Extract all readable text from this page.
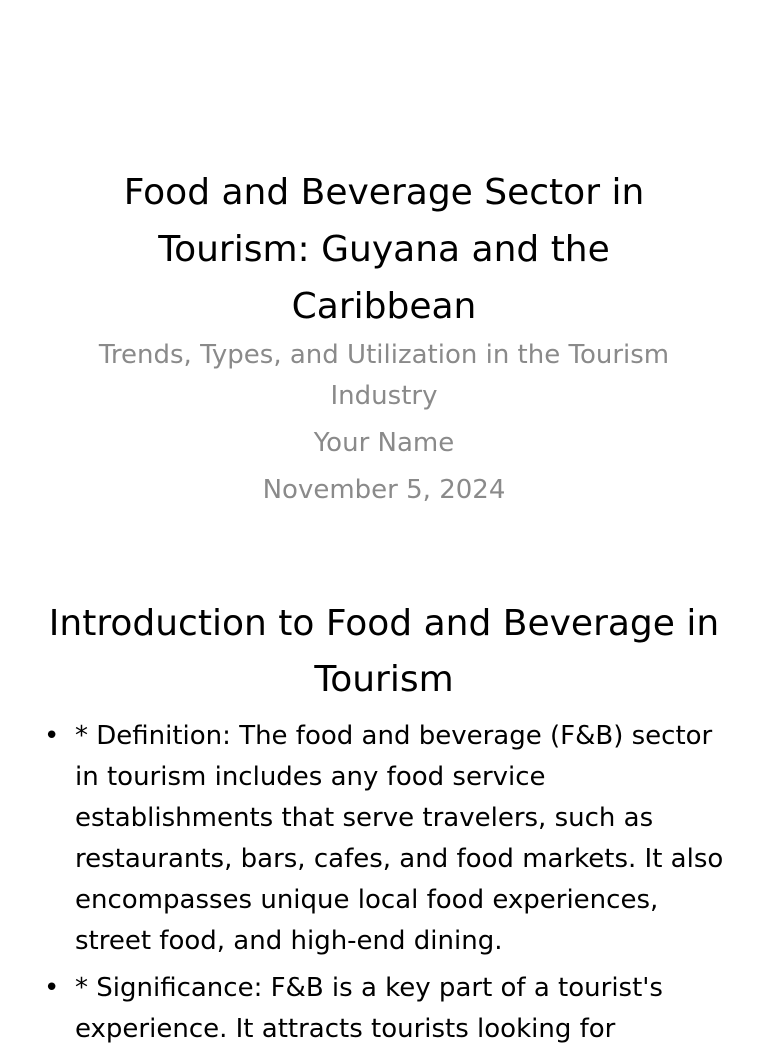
Food and Beverage Sector in Tourism: Guyana and the Caribbean

Trends, Types, and Utilization in the Tourism Industry

Your Name

November 5, 2024

Introduction to Food and Beverage in Tourism
• * Definition: The food and beverage (F&B) sector in tourism includes any food service establishments that serve travelers, such as restaurants, bars, cafes, and food markets. It also encompasses unique local food experiences, street food, and high-end dining.
• * Significance: F&B is a key part of a tourist's experience. It attracts tourists looking for
